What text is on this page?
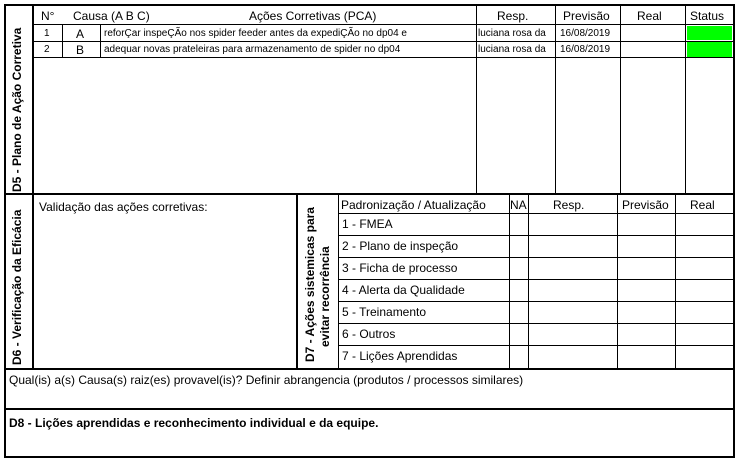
D5 - Plano de Ação Corretiva
N° Causa (A B C)	Ações Corretivas (PCA)	Resp.	Previsão Real Status
1 A reforÇar inspeÇÃo nos spider feeder antes da expediÇÃo no dp04 e	luciana rosa da 16/08/2019
2 B adequar novas prateleiras para armazenamento de spider no dp04	luciana rosa da 16/08/2019
D6 - Verificação da Eficácia
Validação das ações corretivas:
D7 - Ações sistemicas para evitar recorrência
Padronização / Atualização NA Resp.	Previsão Real
1 - FMEA
2 - Plano de inspeção
3 - Ficha de processo
4 - Alerta da Qualidade
5 - Treinamento
6 - Outros
7 - Lições Aprendidas
Qual(is) a(s) Causa(s) raiz(es) provavel(is)? Definir abrangencia (produtos / processos similares)
D8 - Lições aprendidas e reconhecimento individual e da equipe.
